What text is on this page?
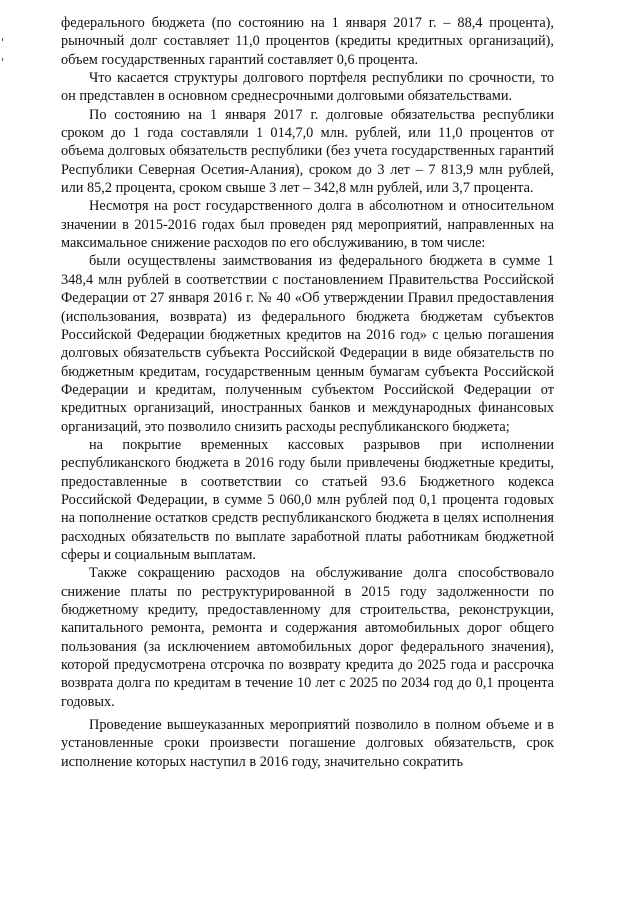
федерального бюджета (по состоянию на 1 января 2017 г. – 88,4 процента), рыночный долг составляет 11,0 процентов (кредиты кредитных организаций), объем государственных гарантий составляет 0,6 процента.

Что касается структуры долгового портфеля республики по срочности, то он представлен в основном среднесрочными долговыми обязательствами.

По состоянию на 1 января 2017 г. долговые обязательства республики сроком до 1 года составляли 1 014,7,0 млн. рублей, или 11,0 процентов от объема долговых обязательств республики (без учета государственных гарантий Республики Северная Осетия-Алания), сроком до 3 лет – 7 813,9 млн рублей, или 85,2 процента, сроком свыше 3 лет – 342,8 млн рублей, или 3,7 процента.

Несмотря на рост государственного долга в абсолютном и относительном значении в 2015-2016 годах был проведен ряд мероприятий, направленных на максимальное снижение расходов по его обслуживанию, в том числе:

были осуществлены заимствования из федерального бюджета в сумме 1 348,4 млн рублей в соответствии с постановлением Правительства Российской Федерации от 27 января 2016 г. № 40 «Об утверждении Правил предоставления (использования, возврата) из федерального бюджета бюджетам субъектов Российской Федерации бюджетных кредитов на 2016 год» с целью погашения долговых обязательств субъекта Российской Федерации в виде обязательств по бюджетным кредитам, государственным ценным бумагам субъекта Российской Федерации и кредитам, полученным субъектом Российской Федерации от кредитных организаций, иностранных банков и международных финансовых организаций, это позволило снизить расходы республиканского бюджета;

на покрытие временных кассовых разрывов при исполнении республиканского бюджета в 2016 году были привлечены бюджетные кредиты, предоставленные в соответствии со статьей 93.6 Бюджетного кодекса Российской Федерации, в сумме 5 060,0 млн рублей под 0,1 процента годовых на пополнение остатков средств республиканского бюджета в целях исполнения расходных обязательств по выплате заработной платы работникам бюджетной сферы и социальным выплатам.

Также сокращению расходов на обслуживание долга способствовало снижение платы по реструктурированной в 2015 году задолженности по бюджетному кредиту, предоставленному для строительства, реконструкции, капитального ремонта, ремонта и содержания автомобильных дорог общего пользования (за исключением автомобильных дорог федерального значения), которой предусмотрена отсрочка по возврату кредита до 2025 года и рассрочка возврата долга по кредитам в течение 10 лет с 2025 по 2034 год до 0,1 процента годовых.

Проведение вышеуказанных мероприятий позволило в полном объеме и в установленные сроки произвести погашение долговых обязательств, срок исполнение которых наступил в 2016 году, значительно сократить
